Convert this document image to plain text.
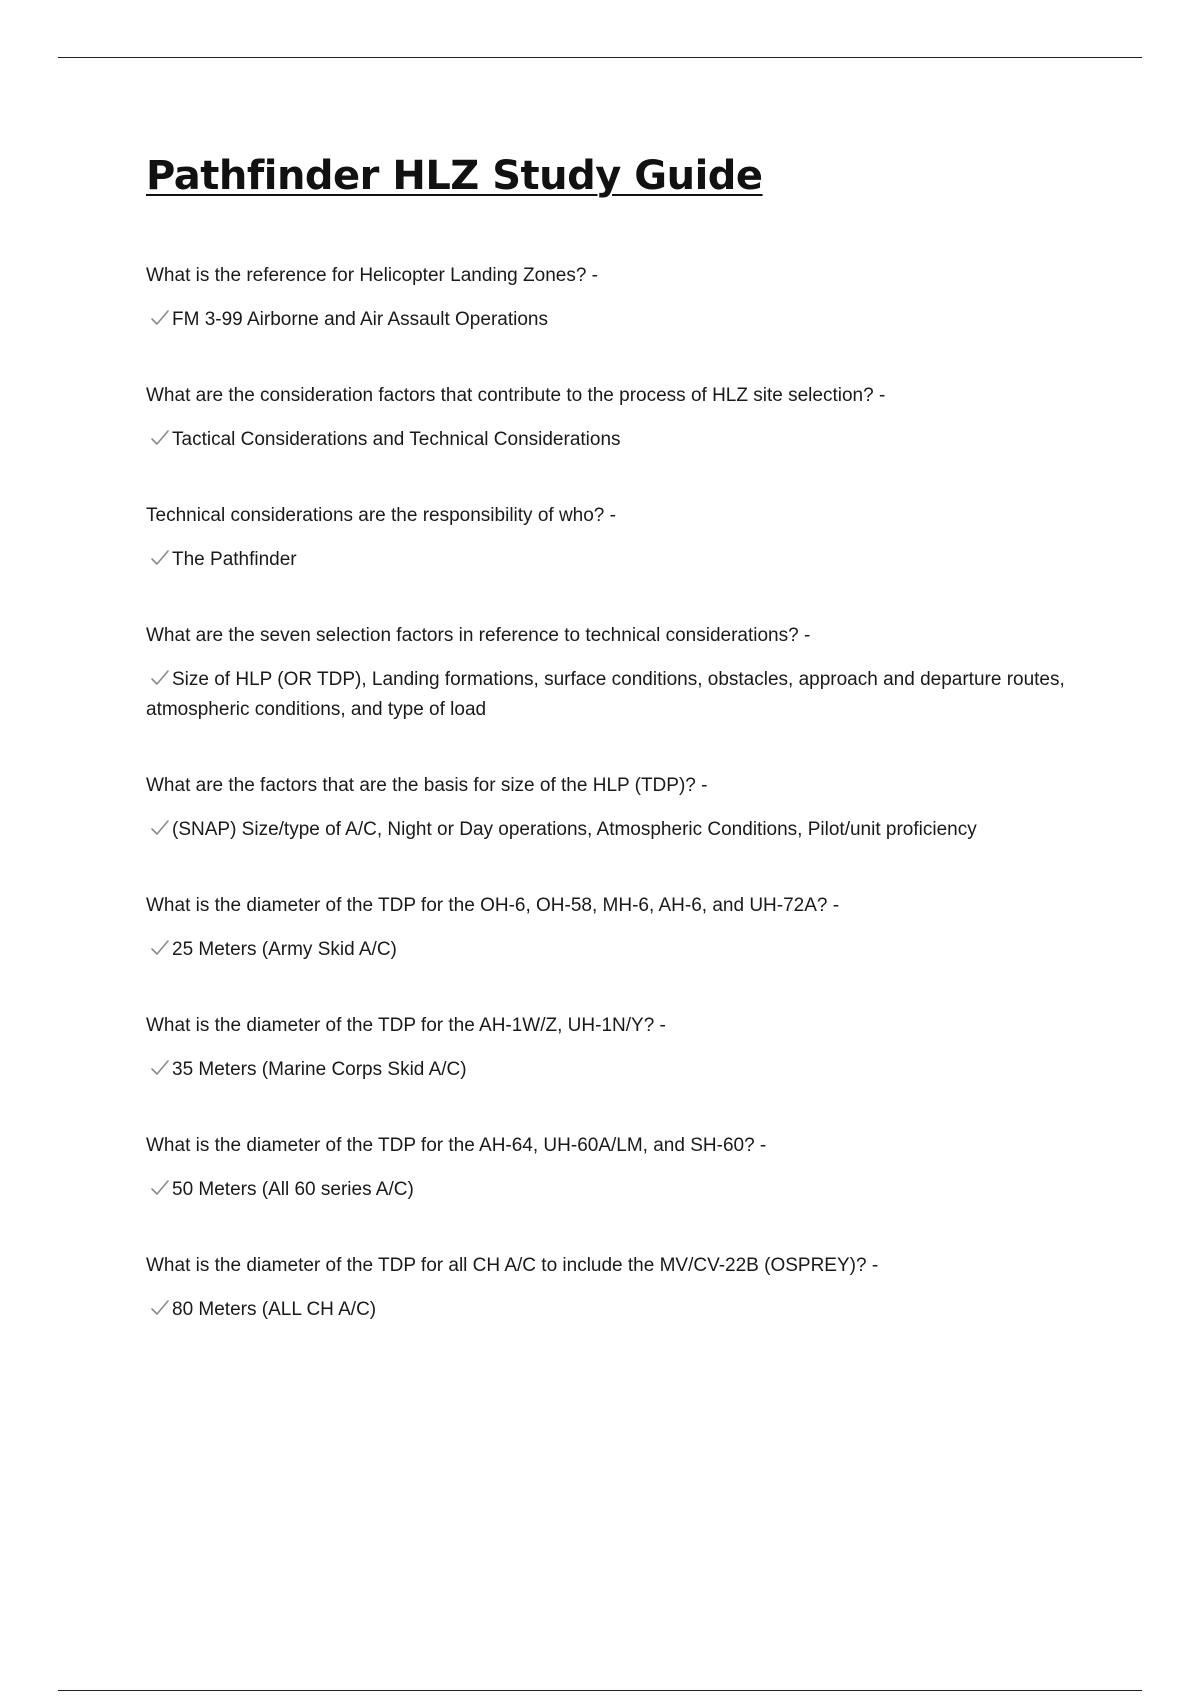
Pathfinder HLZ Study Guide

What is the reference for Helicopter Landing Zones? -

FM 3-99 Airborne and Air Assault Operations

What are the consideration factors that contribute to the process of HLZ site selection? -

Tactical Considerations and Technical Considerations

Technical considerations are the responsibility of who? -

The Pathfinder

What are the seven selection factors in reference to technical considerations? -

Size of HLP (OR TDP), Landing formations, surface conditions, obstacles, approach and departure routes, atmospheric conditions, and type of load

What are the factors that are the basis for size of the HLP (TDP)? -

(SNAP) Size/type of A/C, Night or Day operations, Atmospheric Conditions, Pilot/unit proficiency

What is the diameter of the TDP for the OH-6, OH-58, MH-6, AH-6, and UH-72A? -

25 Meters (Army Skid A/C)

What is the diameter of the TDP for the AH-1W/Z, UH-1N/Y? -

35 Meters (Marine Corps Skid A/C)

What is the diameter of the TDP for the AH-64, UH-60A/LM, and SH-60? -

50 Meters (All 60 series A/C)

What is the diameter of the TDP for all CH A/C to include the MV/CV-22B (OSPREY)? -

80 Meters (ALL CH A/C)
